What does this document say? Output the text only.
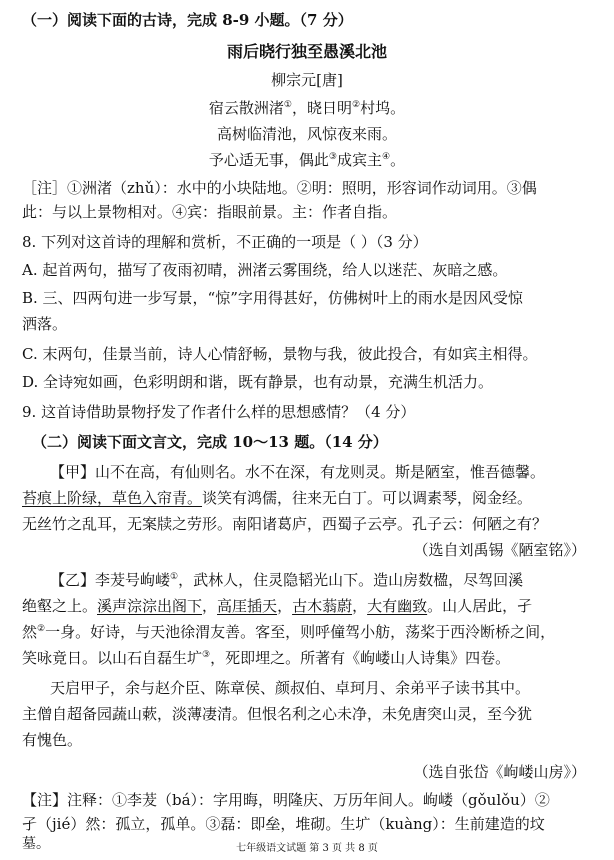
（一）阅读下面的古诗，完成 8-9 小题。（7 分）
雨后晓行独至愚溪北池
柳宗元[唐]
宿云散洲渚①，晓日明②村坞。
高树临清池，风惊夜来雨。
予心适无事，偶此③成宾主④。
［注］①洲渚（zhǔ）：水中的小块陆地。②明：照明，形容词作动词用。③偶
此：与以上景物相对。④宾：指眼前景。主：作者自指。
8. 下列对这首诗的理解和赏析，不正确的一项是（ ）（3 分）
A. 起首两句，描写了夜雨初晴，洲渚云雾围绕，给人以迷茫、灰暗之感。
B. 三、四两句进一步写景，“惊”字用得甚好，仿佛树叶上的雨水是因风受惊
洒落。
C. 末两句，佳景当前，诗人心情舒畅，景物与我，彼此投合，有如宾主相得。
D. 全诗宛如画，色彩明朗和谐，既有静景，也有动景，充满生机活力。
9. 这首诗借助景物抒发了作者什么样的思想感情？（4 分）
（二）阅读下面文言文，完成 10～13 题。（14 分）
【甲】山不在高，有仙则名。水不在深，有龙则灵。斯是陋室，惟吾德馨。
苔痕上阶绿，草色入帘青。谈笑有鸿儒，往来无白丁。可以调素琴，阅金经。
无丝竹之乱耳，无案牍之劳形。南阳诸葛庐，西蜀子云亭。孔子云：何陋之有？
（选自刘禹锡《陋室铭》）
【乙】李茇号岣嵝①，武林人，住灵隐韬光山下。造山房数楹，尽驾回溪
绝壑之上。溪声淙淙出阁下，高厓插天，古木蓊蔚，大有幽致。山人居此，孑
然②一身。好诗，与天池徐渭友善。客至，则呼僮驾小舫，荡桨于西泠断桥之间，
笑咏竟日。以山石自磊生圹③，死即埋之。所著有《岣嵝山人诗集》四卷。
天启甲子，余与赵介臣、陈章侯、颜叔伯、卓珂月、余弟平子读书其中。
主僧自超备园蔬山蔌，淡薄凄清。但恨名利之心未净，未免唐突山灵，至今犹
有愧色。
（选自张岱《岣嵝山房》）
【注】注释：①李茇（bá）：字用晦，明隆庆、万历年间人。岣嵝（gǒulǒu）②
孑（jié）然：孤立，孤单。③磊：即垒，堆砌。生圹（kuàng）：生前建造的坟
墓。	七年级语文试题 第 3 页 共 8 页
